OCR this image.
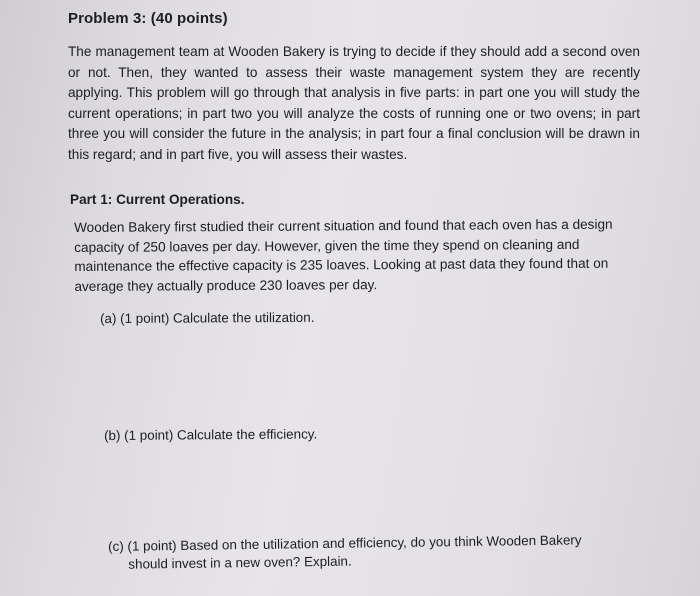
Problem 3: (40 points)

The management team at Wooden Bakery is trying to decide if they should add a second oven or not. Then, they wanted to assess their waste management system they are recently applying. This problem will go through that analysis in five parts: in part one you will study the current operations; in part two you will analyze the costs of running one or two ovens; in part three you will consider the future in the analysis; in part four a final conclusion will be drawn in this regard; and in part five, you will assess their wastes.

Part 1: Current Operations.

Wooden Bakery first studied their current situation and found that each oven has a design capacity of 250 loaves per day. However, given the time they spend on cleaning and maintenance the effective capacity is 235 loaves. Looking at past data they found that on average they actually produce 230 loaves per day.

(a) (1 point) Calculate the utilization.

(b) (1 point) Calculate the efficiency.

(c) (1 point) Based on the utilization and efficiency, do you think Wooden Bakery
should invest in a new oven? Explain.
